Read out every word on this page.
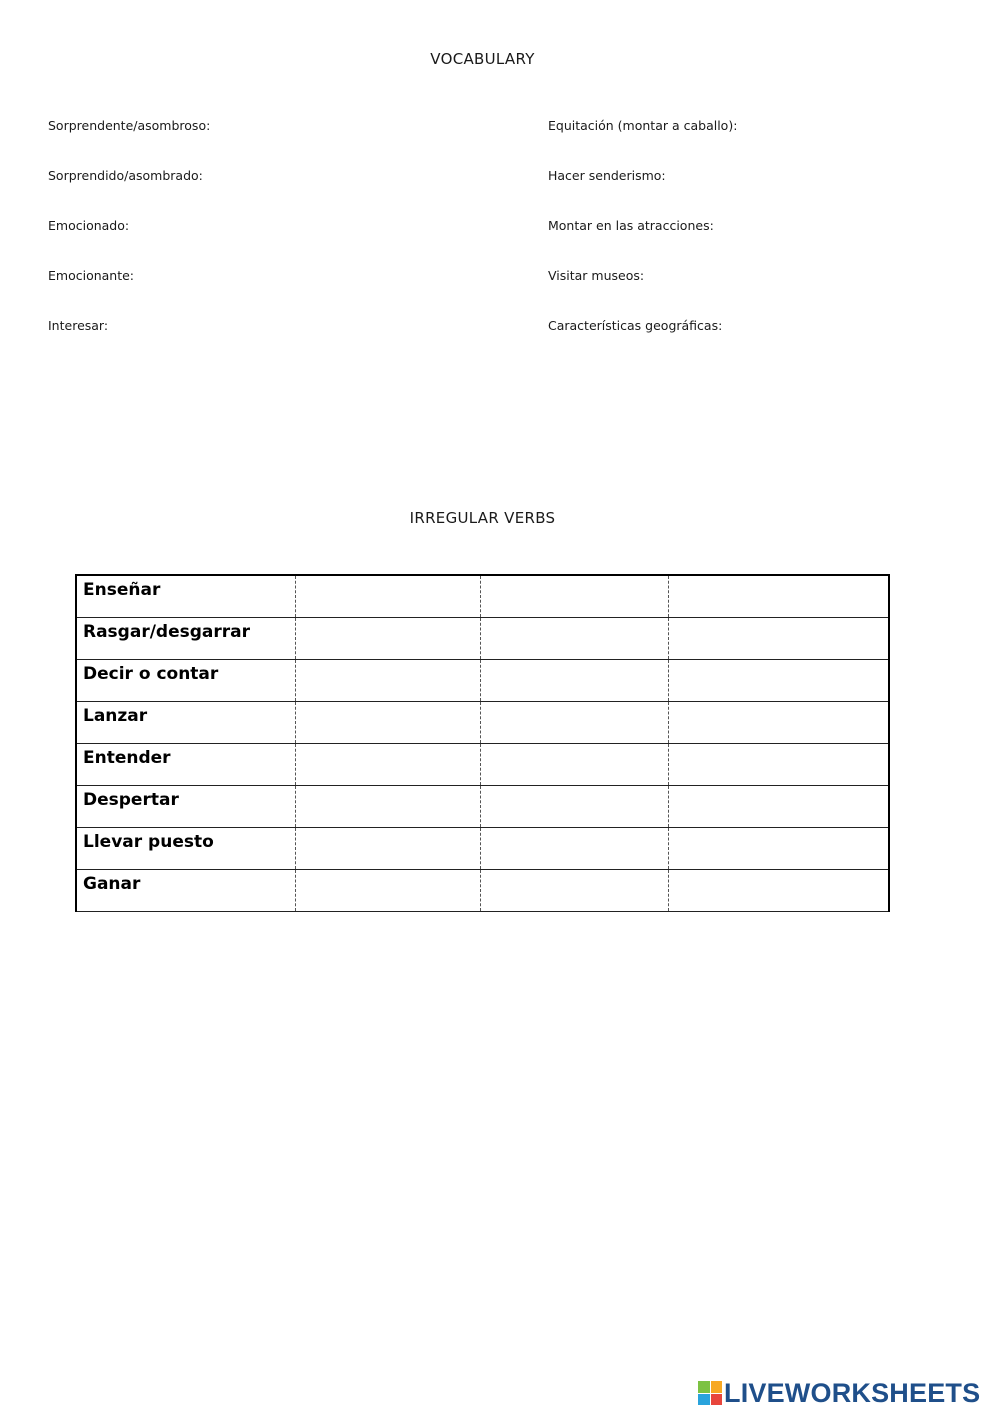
VOCABULARY
Sorprendente/asombroso:
Sorprendido/asombrado:
Emocionado:
Emocionante:
Interesar:
Equitación (montar a caballo):
Hacer senderismo:
Montar en las atracciones:
Visitar museos:
Características geográficas:
IRREGULAR VERBS
Enseñar			

Rasgar/desgarrar			

Decir o contar			

Lanzar			

Entender			

Despertar			

Llevar puesto			

Ganar			

LIVEWORKSHEETS
